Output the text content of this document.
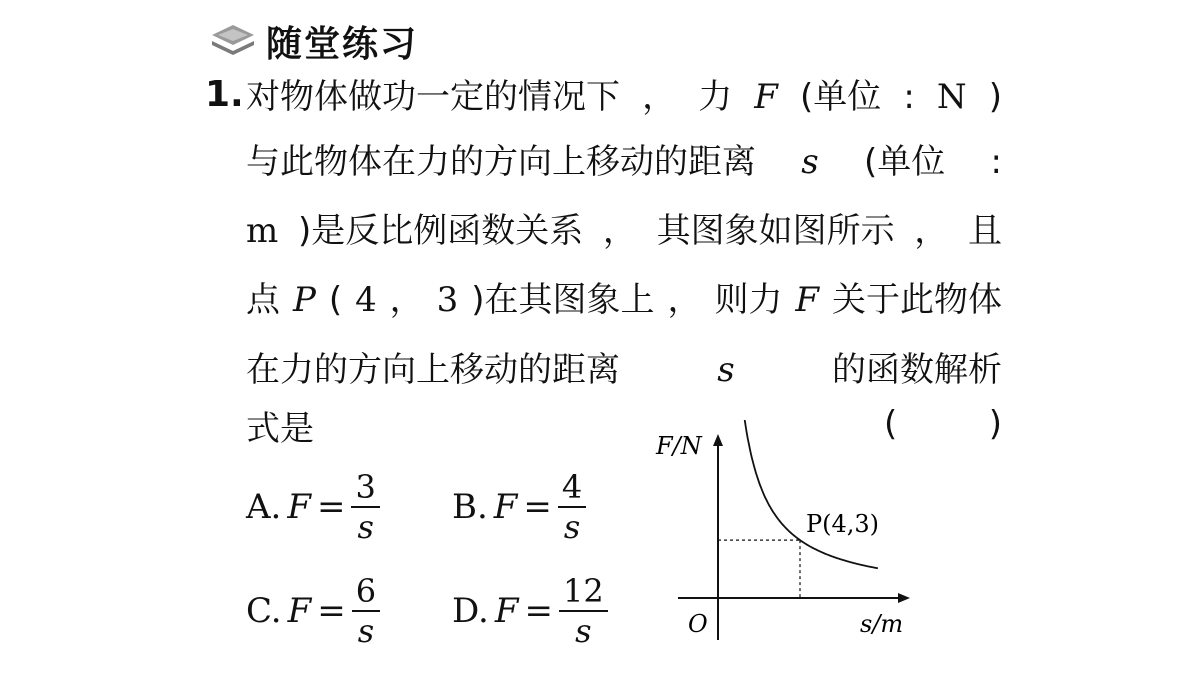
随堂练习
1. 对物体做功一定的情况下 ， 力 F (单位 : N )
与此物体在力的方向上移动的距离 s (单位 :
m )是反比例函数关系 ， 其图象如图所示 ， 且
点 P ( 4 ， 3 )在其图象上 ， 则力 F 关于此物体
在力的方向上移动的距离	s	的函数解析
式是	(	)
A. $F = \frac{3}{s} B$. $F = \frac{4}{s}$
C. $F = \frac{6}{s} D$. $F = \frac{12}{s}$
F/N
P(4,3)
O	s/m
